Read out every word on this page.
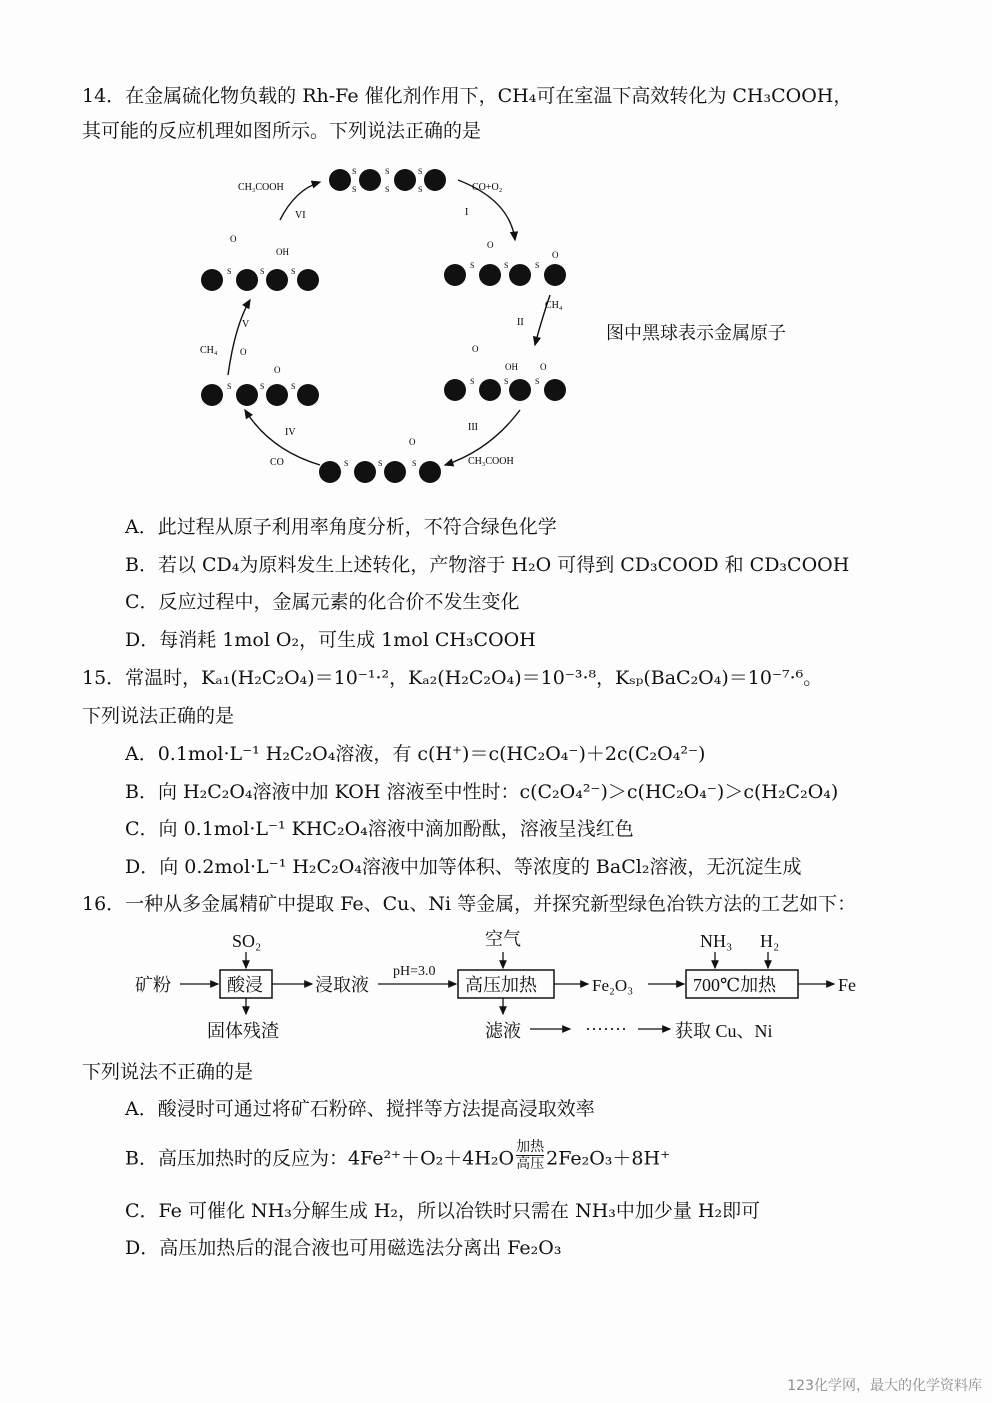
14．在金属硫化物负载的 Rh-Fe 催化剂作用下，CH₄可在室温下高效转化为 CH₃COOH，
其可能的反应机理如图所示。下列说法正确的是
S
S
S
S
S
S
O
O
S	S	S
O
OH O
S	S	S
O
S	S	S
O
O
S	S	S
O
OH
S	S	S
CH₃COOH	CO+O₂
CH₄
CH₃COOH
CO
CH₄
VI	I
II
III
IV
V	图中黑球表示金属原子
A．此过程从原子利用率角度分析，不符合绿色化学
B．若以 CD₄为原料发生上述转化，产物溶于 H₂O 可得到 CD₃COOD 和 CD₃COOH
C．反应过程中，金属元素的化合价不发生变化
D．每消耗 1mol O₂，可生成 1mol CH₃COOH
15．常温时，Kₐ₁(H₂C₂O₄)＝10⁻¹·²，Kₐ₂(H₂C₂O₄)＝10⁻³·⁸，Kₛₚ(BaC₂O₄)＝10⁻⁷·⁶。
下列说法正确的是
A．0.1mol·L⁻¹ H₂C₂O₄溶液，有 c(H⁺)＝c(HC₂O₄⁻)＋2c(C₂O₄²⁻)
B．向 H₂C₂O₄溶液中加 KOH 溶液至中性时：c(C₂O₄²⁻)＞c(HC₂O₄⁻)＞c(H₂C₂O₄)
C．向 0.1mol·L⁻¹ KHC₂O₄溶液中滴加酚酞，溶液呈浅红色
D．向 0.2mol·L⁻¹ H₂C₂O₄溶液中加等体积、等浓度的 BaCl₂溶液，无沉淀生成
16．一种从多金属精矿中提取 Fe、Cu、Ni 等金属，并探究新型绿色冶铁方法的工艺如下：
SO₂	空气	NH₃ H₂
矿粉	酸浸	浸取液
pH=3.0
高压加热	Fe₂O₃	700℃加热	Fe
固体残渣	滤液	·······	获取 Cu、Ni
下列说法不正确的是
A．酸浸时可通过将矿石粉碎、搅拌等方法提高浸取效率
B．高压加热时的反应为：4Fe²⁺＋O₂＋4H₂O
加热
高压 2Fe₂O₃＋8H⁺
C．Fe 可催化 NH₃分解生成 H₂，所以冶铁时只需在 NH₃中加少量 H₂即可
D．高压加热后的混合液也可用磁选法分离出 Fe₂O₃
123化学网，最大的化学资料库
